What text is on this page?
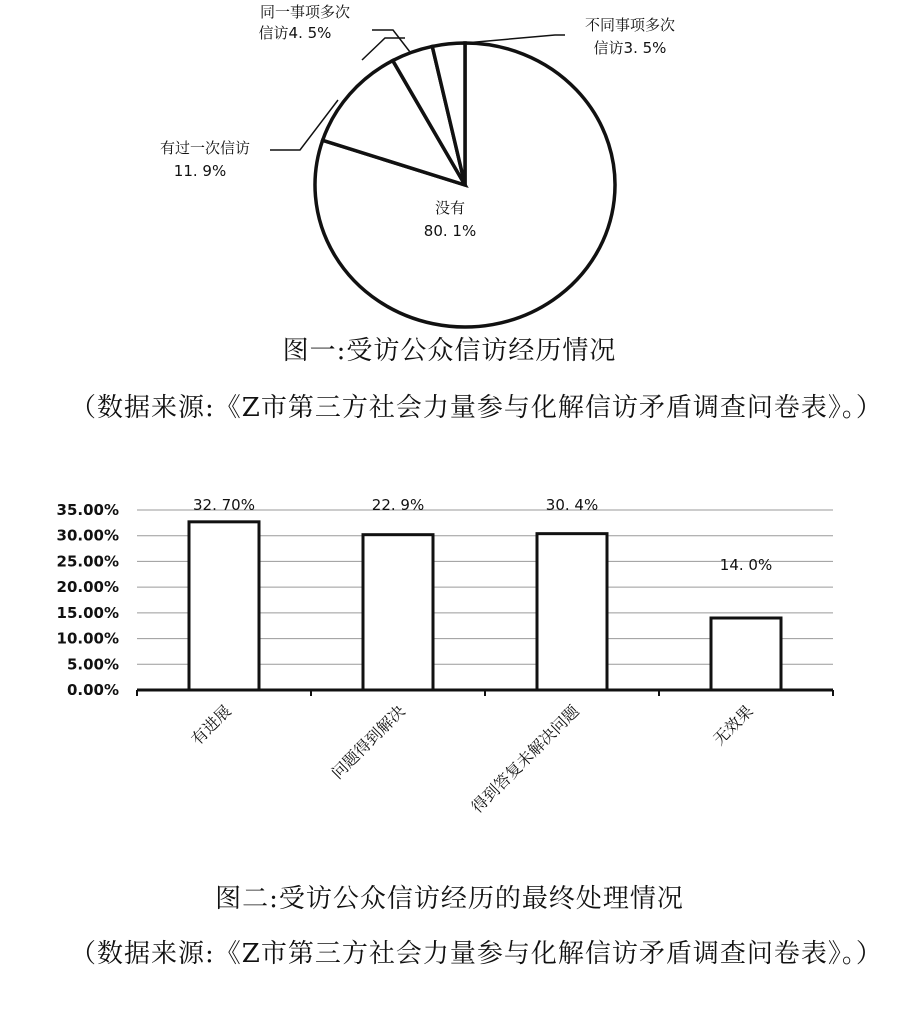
没有
80. 1%
有过一次信访
11. 9%
同一事项多次
信访4. 5%	不同事项多次
信访3. 5%
图一:受访公众信访经历情况
（数据来源:《Z市第三方社会力量参与化解信访矛盾调查问卷表》。）
0.00%
5.00%
10.00%
15.00%
20.00%
25.00%
30.00%
35.00%	32. 70%	22. 9%	30. 4%
14. 0%
有进展	问题得到解决	得到答复未解决问题	无效果
图二:受访公众信访经历的最终处理情况
（数据来源:《Z市第三方社会力量参与化解信访矛盾调查问卷表》。）
